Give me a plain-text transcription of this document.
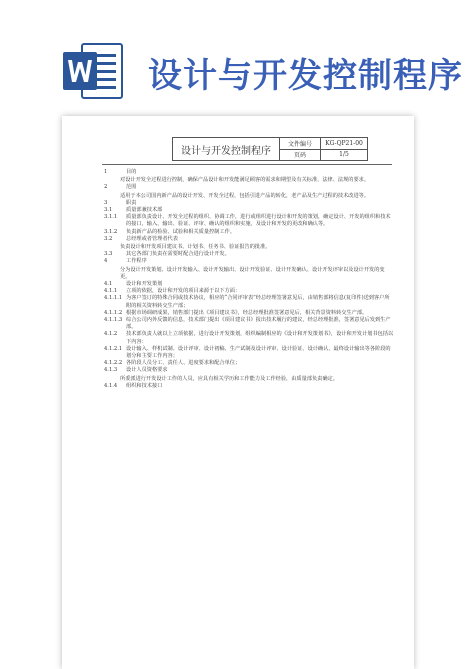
设计与开发控制程序
设计与开发控制程序	文件编号	KG-QP21-00
	页码	1/5
1	目的
对设计开发全过程进行控制，确保产品设计和开发能满足顾客的需求和期望及有关标准、法律、法规的要求。
2	范围
适用于本公司国内新产品的设计开发、开发全过程，包括引进产品的转化，老产品及生产过程的技术改进等。
3	职责
3.1	质量部兼技术部
3.1.1	质量部负责设计、开发全过程的组织、协调工作，进行或组织进行设计和开发的策划，确定设计、开发的组织和技术的接口，输入、输出、验证、评审、确认的组织和实施，及设计和开发的更改和确认等。
3.1.2	负责新产品的检验、试验和相关质量控制工作。
3.2	总经理或者管理者代表
负责设计和开发项目建议书、计划书、任务书、验证报告的批准。
3.3	其它各部门负责在需要时配合进行设计开发。
4	工作程序
分为设计开发策划、设计开发输入、设计开发输出、设计开发验证、设计开发确认、设计开发评审以及设计开发的变更。
4.1	设计和开发策划
4.1.1	立项的依据，设计和开发的项目来源于以下方面：
4.1.1.1 为客户签订的特殊合同或技术协议，相应的“合同评审表”经总经理签署意见后，由销售部将信息(复印件)送到客户所附的相关资料转交生产部；
4.1.1.2 根据市场调研成果，销售部门提出《项目建议书》，经总经理批准签署意见后，相关背景资料转交生产部。
4.1.1.3 综合公司内外反馈的信息，技术部门提出《项目建议书》报出技术履行的建议，经总经理批准，签署意见后发到生产部。
4.1.2	技术部负责人就以上立项依据，进行设计开发策划，组织编制相应的《设计和开发策划书》，设计和开发计划书包括以下内容：
4.1.2.1 设计输入、样机试制、设计评审、设计初稿、生产试制及设计评审、设计验证、设计确认、最终设计输出等各阶段的划分和主要工作内容；
4.1.2.2 各阶段人员分工、责任人、进度要求和配合单位；
4.1.3	设计人员资格要求
所委派进行开发设计工作的人员，应具有相关学历和工作能力及工作经验，由质量部负责确定。
4.1.4	组织和技术接口
